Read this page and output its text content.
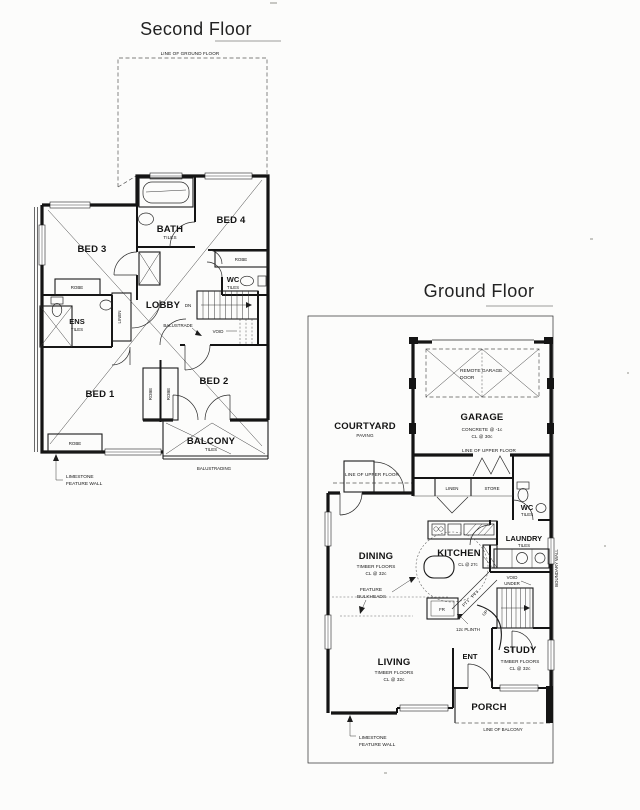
Second Floor
LINE OF GROUND FLOOR
LIMESTONE
FEATURE WALL
BED 3
BATH
TILES
BED 4
ROBE
WC
TILES
LOBBY DN
BALUSTRADE
VOID
ENS
TILES
LINEN
ROBE
BED 1
BED 2
ROBE	ROBE
ROBE	BALCONY
TILES
BALUSTRADING
Ground Floor
REMOTE GARAGE
DOOR
GARAGE
CONCRETE @ -1c
CL @ 30c
LINE OF UPPER FLOOR
COURTYARD
PAVING
LINE OF UPPER FLOOR
LINEN	STORE
WC
TILES
LAUNDRY
TILES
KITCHEN
CL @ 27c
DINING
TIMBER FLOORS
CL @ 32c
FEATURE
BULKHEADS
VOID
UNDER
UP
PTY
PTY
FR
12c PLINTH
LIVING
TIMBER FLOORS
CL @ 32c
ENT
STUDY
TIMBER FLOORS
CL @ 32c
PORCH
LINE OF BALCONY
BOUNDARY WALL
LIMESTONE
FEATURE WALL
